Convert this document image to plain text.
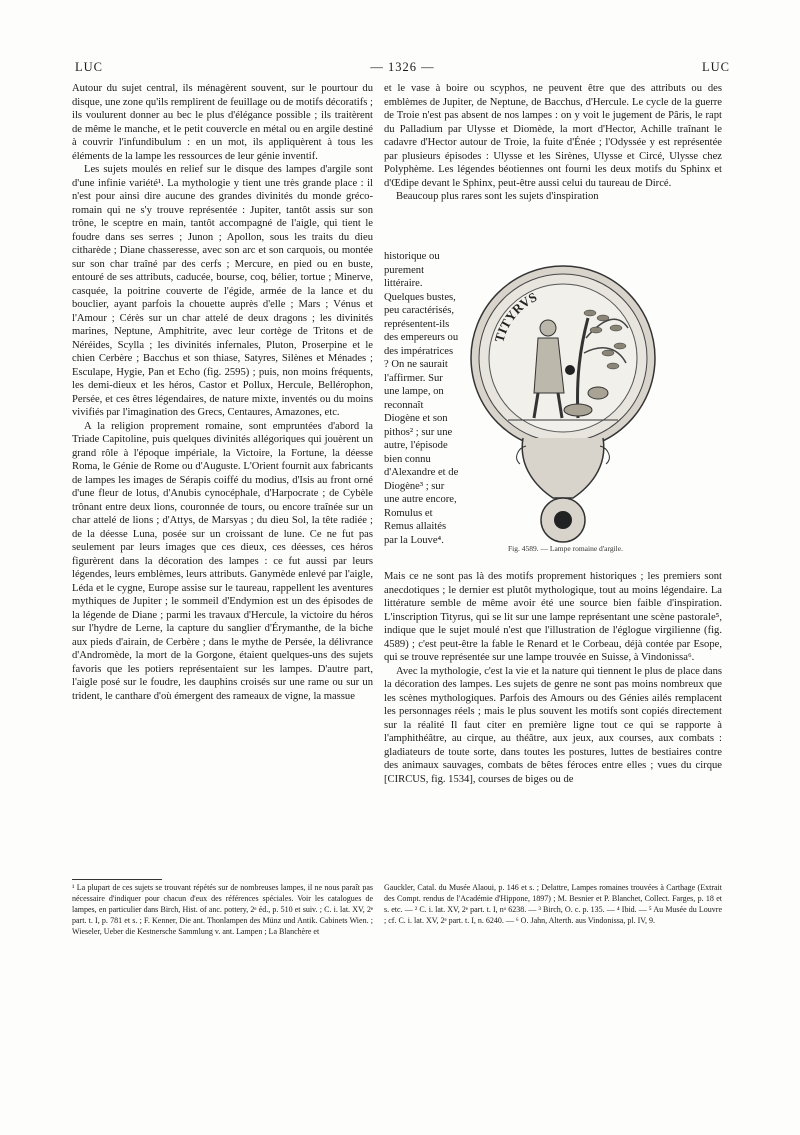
LUC	— 1326 —	LUC

Autour du sujet central, ils ménagèrent souvent, sur le pourtour du disque, une zone qu'ils remplirent de feuillage ou de motifs décoratifs ; ils voulurent donner au bec le plus d'élégance possible ; ils traitèrent de même le manche, et le petit couvercle en métal ou en argile destiné à couvrir l'infundibulum : en un mot, ils appliquèrent à tous les éléments de la lampe les ressources de leur génie inventif.

Les sujets moulés en relief sur le disque des lampes d'argile sont d'une infinie variété¹. La mythologie y tient une très grande place : il n'est pour ainsi dire aucune des grandes divinités du monde gréco-romain qui ne s'y trouve représentée : Jupiter, tantôt assis sur son trône, le sceptre en main, tantôt accompagné de l'aigle, qui tient le foudre dans ses serres ; Junon ; Apollon, sous les traits du dieu citharède ; Diane chasseresse, avec son arc et son carquois, ou montée sur son char traîné par des cerfs ; Mercure, en pied ou en buste, entouré de ses attributs, caducée, bourse, coq, bélier, tortue ; Minerve, casquée, la poitrine couverte de l'égide, armée de la lance et du bouclier, ayant parfois la chouette auprès d'elle ; Mars ; Vénus et l'Amour ; Cérès sur un char attelé de deux dragons ; les divinités marines, Neptune, Amphitrite, avec leur cortège de Tritons et de Néréides, Scylla ; les divinités infernales, Pluton, Proserpine et le chien Cerbère ; Bacchus et son thiase, Satyres, Silènes et Ménades ; Esculape, Hygie, Pan et Echo (fig. 2595) ; puis, non moins fréquents, les demi-dieux et les héros, Castor et Pollux, Hercule, Bellérophon, Persée, et ces êtres légendaires, de nature mixte, inventés ou du moins vivifiés par l'imagination des Grecs, Centaures, Amazones, etc.

A la religion proprement romaine, sont empruntées d'abord la Triade Capitoline, puis quelques divinités allégoriques qui jouèrent un grand rôle à l'époque impériale, la Victoire, la Fortune, la déesse Roma, le Génie de Rome ou d'Auguste. L'Orient fournit aux fabricants de lampes les images de Sérapis coiffé du modius, d'Isis au front orné d'une fleur de lotus, d'Anubis cynocéphale, d'Harpocrate ; de Cybèle trônant entre deux lions, couronnée de tours, ou encore traînée sur un char attelé de lions ; d'Attys, de Marsyas ; du dieu Sol, la tête radiée ; de la déesse Luna, posée sur un croissant de lune. Ce ne fut pas seulement par leurs images que ces dieux, ces déesses, ces héros figurèrent dans la décoration des lampes : ce fut aussi par leurs légendes, leurs emblèmes, leurs attributs. Ganymède enlevé par l'aigle, Léda et le cygne, Europe assise sur le taureau, rappellent les aventures mythiques de Jupiter ; le sommeil d'Endymion est un des épisodes de la légende de Diane ; parmi les travaux d'Hercule, la victoire du héros sur l'hydre de Lerne, la capture du sanglier d'Érymanthe, de la biche aux pieds d'airain, de Cerbère ; dans le mythe de Persée, la délivrance d'Andromède, la mort de la Gorgone, étaient quelques-uns des sujets favoris que les potiers représentaient sur les lampes. D'autre part, l'aigle posé sur le foudre, les dauphins croisés sur une rame ou sur un trident, le canthare d'où émergent des rameaux de vigne, la massue

et le vase à boire ou scyphos, ne peuvent être que des attributs ou des emblèmes de Jupiter, de Neptune, de Bacchus, d'Hercule. Le cycle de la guerre de Troie n'est pas absent de nos lampes : on y voit le jugement de Pâris, le rapt du Palladium par Ulysse et Diomède, la mort d'Hector, Achille traînant le cadavre d'Hector autour de Troie, la fuite d'Énée ; l'Odyssée y est représentée par plusieurs épisodes : Ulysse et les Sirènes, Ulysse et Circé, Ulysse chez Polyphème. Les légendes béotiennes ont fourni les deux motifs du Sphinx et d'Œdipe devant le Sphinx, peut-être aussi celui du taureau de Dircé.

Beaucoup plus rares sont les sujets d'inspiration

historique ou purement littéraire. Quelques bustes, peu caractérisés, représentent-ils des empereurs ou des impératrices ? On ne saurait l'affirmer. Sur une lampe, on reconnaît Diogène et son pithos² ; sur une autre, l'épisode bien connu d'Alexandre et de Diogène³ ; sur une autre encore, Romulus et Remus allaités par la Louve⁴.

TITYRVS
Fig. 4589. — Lampe romaine d'argile.

Mais ce ne sont pas là des motifs proprement historiques ; les premiers sont anecdotiques ; le dernier est plutôt mythologique, tout au moins légendaire. La littérature semble de même avoir été une source bien faible d'inspiration. L'inscription Tityrus, qui se lit sur une lampe représentant une scène pastorale⁵, indique que le sujet moulé n'est que l'illustration de l'églogue virgilienne (fig. 4589) ; c'est peut-être la fable le Renard et le Corbeau, déjà contée par Esope, qui se trouve représentée sur une lampe trouvée en Suisse, à Vindonissa⁶.

Avec la mythologie, c'est la vie et la nature qui tiennent le plus de place dans la décoration des lampes. Les sujets de genre ne sont pas moins nombreux que les scènes mythologiques. Parfois des Amours ou des Génies ailés remplacent les personnages réels ; mais le plus souvent les motifs sont copiés directement sur la réalité Il faut citer en première ligne tout ce qui se rapporte à l'amphithéâtre, au cirque, au théâtre, aux jeux, aux courses, aux combats : gladiateurs de toute sorte, dans toutes les postures, luttes de bestiaires contre des animaux sauvages, combats de bêtes féroces entre elles ; vues du cirque [CIRCUS, fig. 1534], courses de biges ou de

¹ La plupart de ces sujets se trouvant répétés sur de nombreuses lampes, il ne nous paraît pas nécessaire d'indiquer pour chacun d'eux des références spéciales. Voir les catalogues de lampes, en particulier dans Birch, Hist. of anc. pottery, 2ᵉ éd., p. 510 et suiv. ; C. i. lat. XV, 2ᵉ part. t. I, p. 781 et s. ; F. Kenner, Die ant. Thonlampen des Münz und Antik. Cabinets Wien. ; Wieseler, Ueber die Kestnersche Sammlung v. ant. Lampen ; La Blanchère et
Gauckler, Catal. du Musée Alaoui, p. 146 et s. ; Delattre, Lampes romaines trouvées à Carthage (Extrait des Compt. rendus de l'Académie d'Hippone, 1897) ; M. Besnier et P. Blanchet, Collect. Farges, p. 18 et s. etc. — ² C. i. lat. XV, 2ᵉ part. t. I, nᵒ 6238. — ³ Birch, O. c. p. 135. — ⁴ Ibid. — ⁵ Au Musée du Louvre ; cf. C. i. lat. XV, 2ᵉ part. t. I, n. 6240. — ⁶ O. Jahn, Alterth. aus Vindonissa, pl. IV, 9.
